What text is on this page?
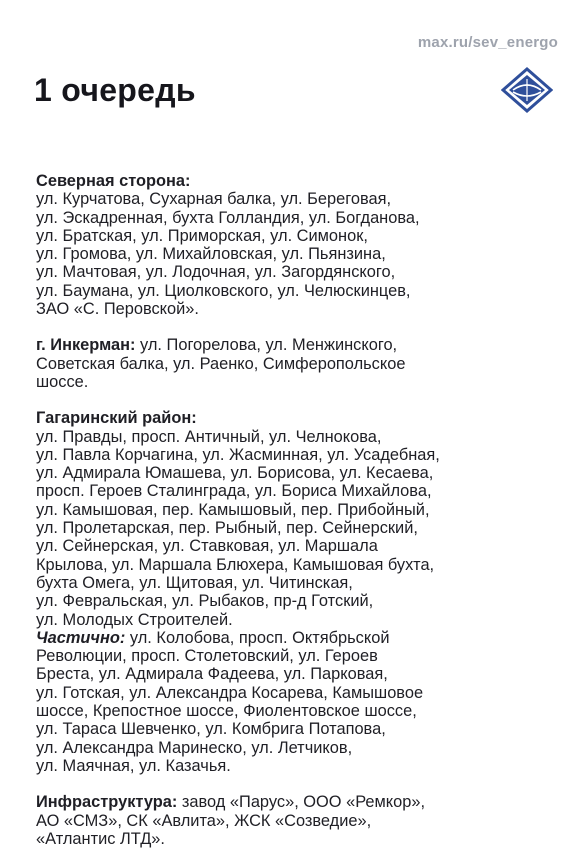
max.ru/sev_energo
1 очередь
Северная сторона:
ул. Курчатова, Сухарная балка, ул. Береговая,
ул. Эскадренная, бухта Голландия, ул. Богданова,
ул. Братская, ул. Приморская, ул. Симонок,
ул. Громова, ул. Михайловская, ул. Пьянзина,
ул. Мачтовая, ул. Лодочная, ул. Загордянского,
ул. Баумана, ул. Циолковского, ул. Челюскинцев,
ЗАО «С. Перовской».
г. Инкерман: ул. Погорелова, ул. Менжинского,
Советская балка, ул. Раенко, Симферопольское
шоссе.
Гагаринский район:
ул. Правды, просп. Античный, ул. Челнокова,
ул. Павла Корчагина, ул. Жасминная, ул. Усадебная,
ул. Адмирала Юмашева, ул. Борисова, ул. Кесаева,
просп. Героев Сталинграда, ул. Бориса Михайлова,
ул. Камышовая, пер. Камышовый, пер. Прибойный,
ул. Пролетарская, пер. Рыбный, пер. Сейнерский,
ул. Сейнерская, ул. Ставковая, ул. Маршала
Крылова, ул. Маршала Блюхера, Камышовая бухта,
бухта Омега, ул. Щитовая, ул. Читинская,
ул. Февральская, ул. Рыбаков, пр-д Готский,
ул. Молодых Строителей.
Частично: ул. Колобова, просп. Октябрьской
Революции, просп. Столетовский, ул. Героев
Бреста, ул. Адмирала Фадеева, ул. Парковая,
ул. Готская, ул. Александра Косарева, Камышовое
шоссе, Крепостное шоссе, Фиолентовское шоссе,
ул. Тараса Шевченко, ул. Комбрига Потапова,
ул. Александра Маринеско, ул. Летчиков,
ул. Маячная, ул. Казачья.
Инфраструктура: завод «Парус», ООО «Ремкор»,
АО «СМЗ», СК «Авлита», ЖСК «Созведие»,
«Атлантис ЛТД».
